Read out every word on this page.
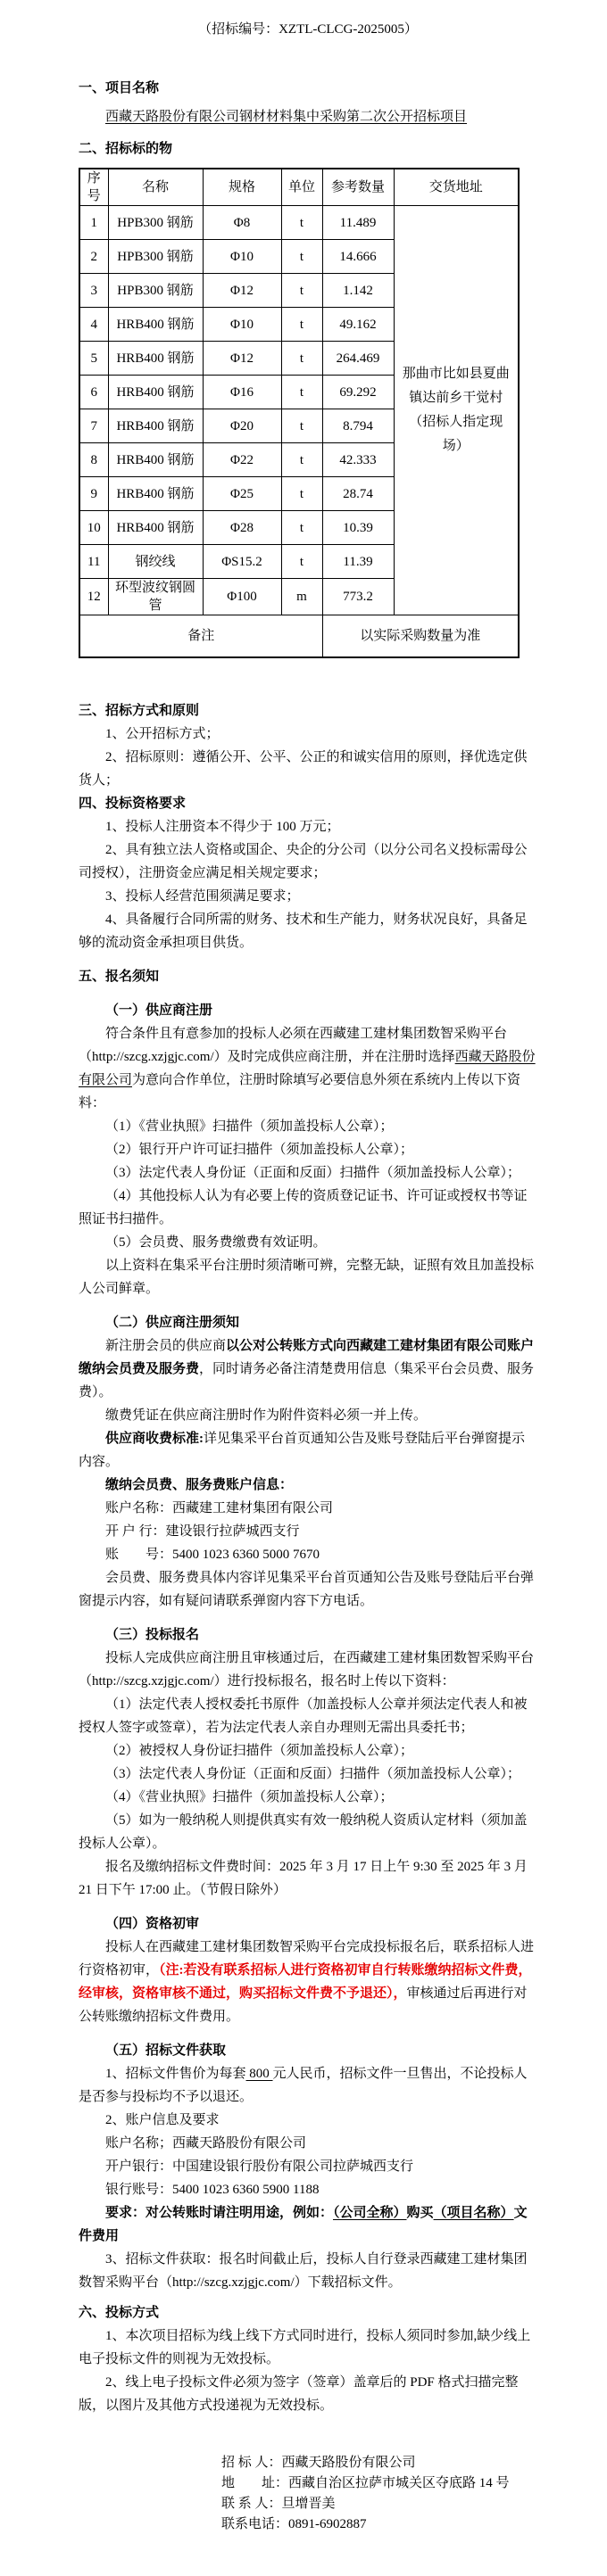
（招标编号：XZTL-CLCG-2025005）

一、项目名称

西藏天路股份有限公司钢材材料集中采购第二次公开招标项目

二、招标标的物

序号	名称	规格	单位	参考数量	交货地址
1	HPB300 钢筋	Φ8	t	11.489	那曲市比如县夏曲镇达前乡干觉村（招标人指定现场）
2	HPB300 钢筋	Φ10	t	14.666	
3	HPB300 钢筋	Φ12	t	1.142	
4	HRB400 钢筋	Φ10	t	49.162	
5	HRB400 钢筋	Φ12	t	264.469	
6	HRB400 钢筋	Φ16	t	69.292	
7	HRB400 钢筋	Φ20	t	8.794	
8	HRB400 钢筋	Φ22	t	42.333	
9	HRB400 钢筋	Φ25	t	28.74	
10	HRB400 钢筋	Φ28	t	10.39	
11	钢绞线	ΦS15.2	t	11.39	
12	环型波纹钢圆管	Φ100	m	773.2	
备注				以实际采购数量为准	

三、招标方式和原则

1、公开招标方式；

2、招标原则：遵循公开、公平、公正的和诚实信用的原则，择优选定供货人；

四、投标资格要求

1、投标人注册资本不得少于 100 万元；

2、具有独立法人资格或国企、央企的分公司（以分公司名义投标需母公司授权），注册资金应满足相关规定要求；

3、投标人经营范围须满足要求；

4、具备履行合同所需的财务、技术和生产能力，财务状况良好，具备足够的流动资金承担项目供货。

五、报名须知

（一）供应商注册

符合条件且有意参加的投标人必须在西藏建工建材集团数智采购平台（http://szcg.xzjgjc.com/）及时完成供应商注册，并在注册时选择西藏天路股份有限公司为意向合作单位，注册时除填写必要信息外须在系统内上传以下资料：

（1）《营业执照》扫描件（须加盖投标人公章）；

（2）银行开户许可证扫描件（须加盖投标人公章）；

（3）法定代表人身份证（正面和反面）扫描件（须加盖投标人公章）；

（4）其他投标人认为有必要上传的资质登记证书、许可证或授权书等证照证书扫描件。

（5）会员费、服务费缴费有效证明。

以上资料在集采平台注册时须清晰可辨，完整无缺，证照有效且加盖投标人公司鲜章。

（二）供应商注册须知

新注册会员的供应商以公对公转账方式向西藏建工建材集团有限公司账户缴纳会员费及服务费，同时请务必备注清楚费用信息（集采平台会员费、服务费）。

缴费凭证在供应商注册时作为附件资料必须一并上传。

供应商收费标准:详见集采平台首页通知公告及账号登陆后平台弹窗提示内容。

缴纳会员费、服务费账户信息：

账户名称：西藏建工建材集团有限公司

开 户 行：建设银行拉萨城西支行

账　　号：5400 1023 6360 5000 7670

会员费、服务费具体内容详见集采平台首页通知公告及账号登陆后平台弹窗提示内容，如有疑问请联系弹窗内容下方电话。

（三）投标报名

投标人完成供应商注册且审核通过后，在西藏建工建材集团数智采购平台（http://szcg.xzjgjc.com/）进行投标报名，报名时上传以下资料：

（1）法定代表人授权委托书原件（加盖投标人公章并须法定代表人和被授权人签字或签章），若为法定代表人亲自办理则无需出具委托书；

（2）被授权人身份证扫描件（须加盖投标人公章）；

（3）法定代表人身份证（正面和反面）扫描件（须加盖投标人公章）；

（4）《营业执照》扫描件（须加盖投标人公章）；

（5）如为一般纳税人则提供真实有效一般纳税人资质认定材料（须加盖投标人公章）。

报名及缴纳招标文件费时间：2025 年 3 月 17 日上午 9:30 至 2025 年 3 月 21 日下午 17:00 止。（节假日除外）

（四）资格初审

投标人在西藏建工建材集团数智采购平台完成投标报名后，联系招标人进行资格初审，（注:若没有联系招标人进行资格初审自行转账缴纳招标文件费，经审核，资格审核不通过，购买招标文件费不予退还），审核通过后再进行对公转账缴纳招标文件费用。

（五）招标文件获取

1、招标文件售价为每套 800 元人民币，招标文件一旦售出，不论投标人是否参与投标均不予以退还。

2、账户信息及要求

账户名称；西藏天路股份有限公司

开户银行：中国建设银行股份有限公司拉萨城西支行

银行账号：5400 1023 6360 5900 1188

要求：对公转账时请注明用途，例如：（公司全称）购买（项目名称）文件费用

3、招标文件获取：报名时间截止后，投标人自行登录西藏建工建材集团数智采购平台（http://szcg.xzjgjc.com/）下载招标文件。

六、投标方式

1、本次项目招标为线上线下方式同时进行，投标人须同时参加,缺少线上电子投标文件的则视为无效投标。

2、线上电子投标文件必须为签字（签章）盖章后的 PDF 格式扫描完整版，以图片及其他方式投递视为无效投标。

招 标 人：西藏天路股份有限公司

地　　址：西藏自治区拉萨市城关区夺底路 14 号

联 系 人：旦增晋美

联系电话：0891-6902887
